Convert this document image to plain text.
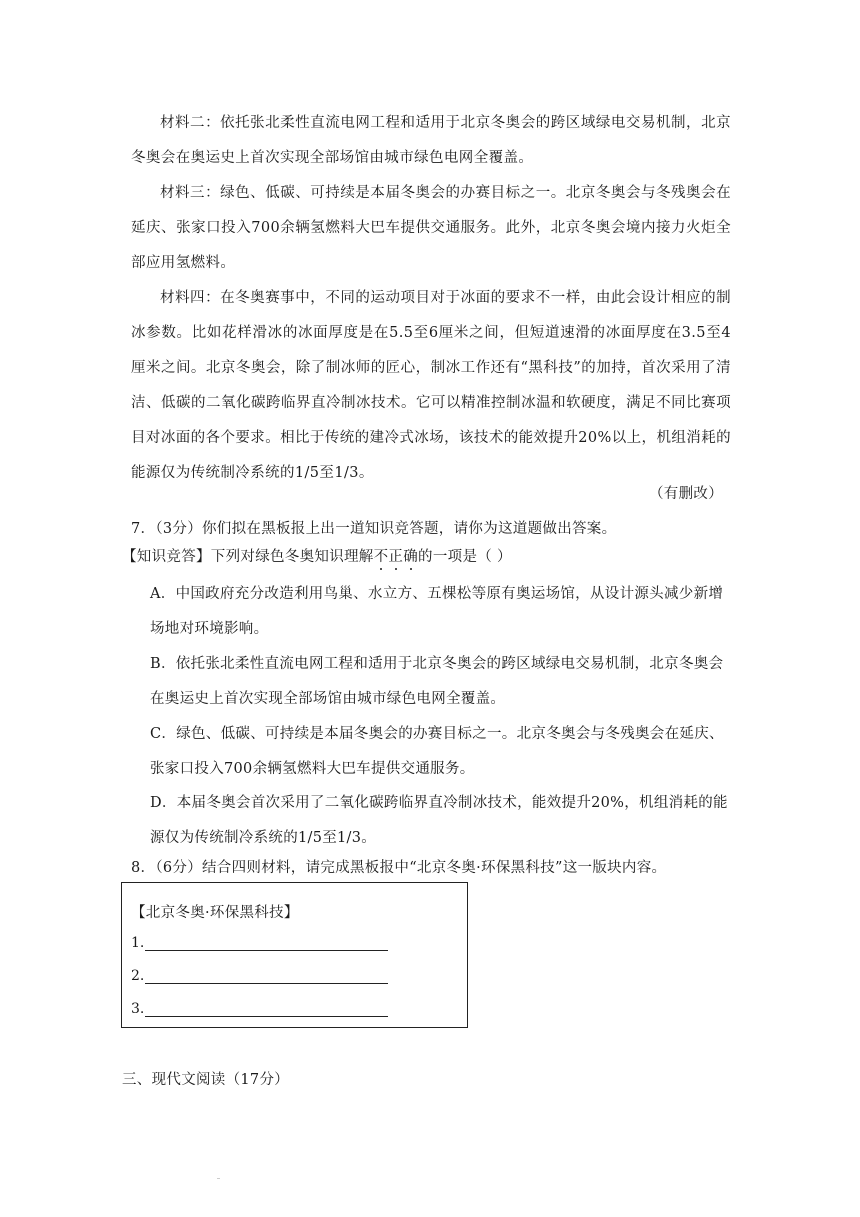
材料二：依托张北柔性直流电网工程和适用于北京冬奥会的跨区域绿电交易机制，北京冬奥会在奥运史上首次实现全部场馆由城市绿色电网全覆盖。

材料三：绿色、低碳、可持续是本届冬奥会的办赛目标之一。北京冬奥会与冬残奥会在延庆、张家口投入700余辆氢燃料大巴车提供交通服务。此外，北京冬奥会境内接力火炬全部应用氢燃料。

材料四：在冬奥赛事中，不同的运动项目对于冰面的要求不一样，由此会设计相应的制冰参数。比如花样滑冰的冰面厚度是在5.5至6厘米之间，但短道速滑的冰面厚度在3.5至4厘米之间。北京冬奥会，除了制冰师的匠心，制冰工作还有“黑科技”的加持，首次采用了清洁、低碳的二氧化碳跨临界直冷制冰技术。它可以精准控制冰温和软硬度，满足不同比赛项目对冰面的各个要求。相比于传统的建冷式冰场，该技术的能效提升20%以上，机组消耗的能源仅为传统制冷系统的1/5至1/3。

（有删改）
7．（3分）你们拟在黑板报上出一道知识竞答题，请你为这道题做出答案。
【知识竞答】下列对绿色冬奥知识理解不正确的一项是（ ）

A．中国政府充分改造利用鸟巢、水立方、五棵松等原有奥运场馆，从设计源头减少新增场地对环境影响。

B．依托张北柔性直流电网工程和适用于北京冬奥会的跨区域绿电交易机制，北京冬奥会在奥运史上首次实现全部场馆由城市绿色电网全覆盖。

C．绿色、低碳、可持续是本届冬奥会的办赛目标之一。北京冬奥会与冬残奥会在延庆、张家口投入700余辆氢燃料大巴车提供交通服务。

D．本届冬奥会首次采用了二氧化碳跨临界直冷制冰技术，能效提升20%，机组消耗的能源仅为传统制冷系统的1/5至1/3。

8．（6分）结合四则材料，请完成黑板报中“北京冬奥·环保黑科技”这一版块内容。
【北京冬奥·环保黑科技】
1.
2.
3.
三、现代文阅读（17分）
